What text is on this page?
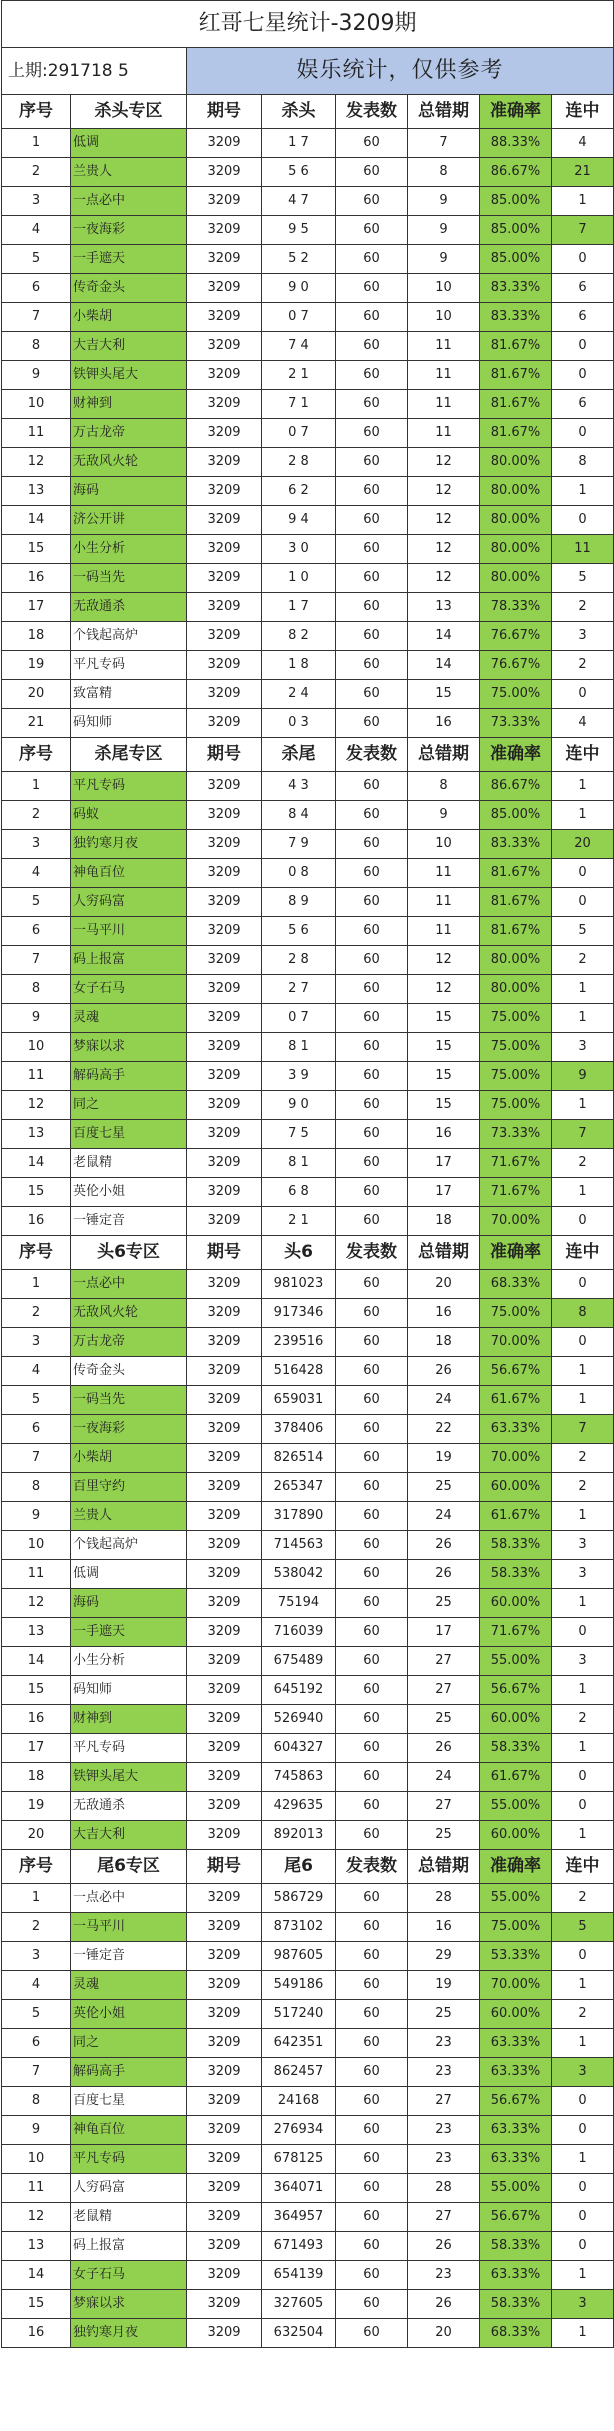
红哥七星统计-3209期							
上期:291718 5		娱乐统计，仅供参考					
序号	杀头专区	期号	杀头	发表数	总错期	准确率	连中
1	低调	3209	1 7	60	7	88.33%	4
2	兰贵人	3209	5 6	60	8	86.67%	21
3	一点必中	3209	4 7	60	9	85.00%	1
4	一夜海彩	3209	9 5	60	9	85.00%	7
5	一手遮天	3209	5 2	60	9	85.00%	0
6	传奇金头	3209	9 0	60	10	83.33%	6
7	小柴胡	3209	0 7	60	10	83.33%	6
8	大吉大利	3209	7 4	60	11	81.67%	0
9	铁钾头尾大	3209	2 1	60	11	81.67%	0
10	财神到	3209	7 1	60	11	81.67%	6
11	万古龙帝	3209	0 7	60	11	81.67%	0
12	无敌风火轮	3209	2 8	60	12	80.00%	8
13	海码	3209	6 2	60	12	80.00%	1
14	济公开讲	3209	9 4	60	12	80.00%	0
15	小生分析	3209	3 0	60	12	80.00%	11
16	一码当先	3209	1 0	60	12	80.00%	5
17	无敌通杀	3209	1 7	60	13	78.33%	2
18	个钱起高炉	3209	8 2	60	14	76.67%	3
19	平凡专码	3209	1 8	60	14	76.67%	2
20	致富精	3209	2 4	60	15	75.00%	0
21	码知师	3209	0 3	60	16	73.33%	4
序号	杀尾专区	期号	杀尾	发表数	总错期	准确率	连中
1	平凡专码	3209	4 3	60	8	86.67%	1
2	码蚁	3209	8 4	60	9	85.00%	1
3	独钓寒月夜	3209	7 9	60	10	83.33%	20
4	神龟百位	3209	0 8	60	11	81.67%	0
5	人穷码富	3209	8 9	60	11	81.67%	0
6	一马平川	3209	5 6	60	11	81.67%	5
7	码上报富	3209	2 8	60	12	80.00%	2
8	女子石马	3209	2 7	60	12	80.00%	1
9	灵魂	3209	0 7	60	15	75.00%	1
10	梦寐以求	3209	8 1	60	15	75.00%	3
11	解码高手	3209	3 9	60	15	75.00%	9
12	同之	3209	9 0	60	15	75.00%	1
13	百度七星	3209	7 5	60	16	73.33%	7
14	老鼠精	3209	8 1	60	17	71.67%	2
15	英伦小姐	3209	6 8	60	17	71.67%	1
16	一锤定音	3209	2 1	60	18	70.00%	0
序号	头6专区	期号	头6	发表数	总错期	准确率	连中
1	一点必中	3209	981023	60	20	68.33%	0
2	无敌风火轮	3209	917346	60	16	75.00%	8
3	万古龙帝	3209	239516	60	18	70.00%	0
4	传奇金头	3209	516428	60	26	56.67%	1
5	一码当先	3209	659031	60	24	61.67%	1
6	一夜海彩	3209	378406	60	22	63.33%	7
7	小柴胡	3209	826514	60	19	70.00%	2
8	百里守约	3209	265347	60	25	60.00%	2
9	兰贵人	3209	317890	60	24	61.67%	1
10	个钱起高炉	3209	714563	60	26	58.33%	3
11	低调	3209	538042	60	26	58.33%	3
12	海码	3209	75194	60	25	60.00%	1
13	一手遮天	3209	716039	60	17	71.67%	0
14	小生分析	3209	675489	60	27	55.00%	3
15	码知师	3209	645192	60	27	56.67%	1
16	财神到	3209	526940	60	25	60.00%	2
17	平凡专码	3209	604327	60	26	58.33%	1
18	铁钾头尾大	3209	745863	60	24	61.67%	0
19	无敌通杀	3209	429635	60	27	55.00%	0
20	大吉大利	3209	892013	60	25	60.00%	1
序号	尾6专区	期号	尾6	发表数	总错期	准确率	连中
1	一点必中	3209	586729	60	28	55.00%	2
2	一马平川	3209	873102	60	16	75.00%	5
3	一锤定音	3209	987605	60	29	53.33%	0
4	灵魂	3209	549186	60	19	70.00%	1
5	英伦小姐	3209	517240	60	25	60.00%	2
6	同之	3209	642351	60	23	63.33%	1
7	解码高手	3209	862457	60	23	63.33%	3
8	百度七星	3209	24168	60	27	56.67%	0
9	神龟百位	3209	276934	60	23	63.33%	0
10	平凡专码	3209	678125	60	23	63.33%	1
11	人穷码富	3209	364071	60	28	55.00%	0
12	老鼠精	3209	364957	60	27	56.67%	0
13	码上报富	3209	671493	60	26	58.33%	0
14	女子石马	3209	654139	60	23	63.33%	1
15	梦寐以求	3209	327605	60	26	58.33%	3
16	独钓寒月夜	3209	632504	60	20	68.33%	1
